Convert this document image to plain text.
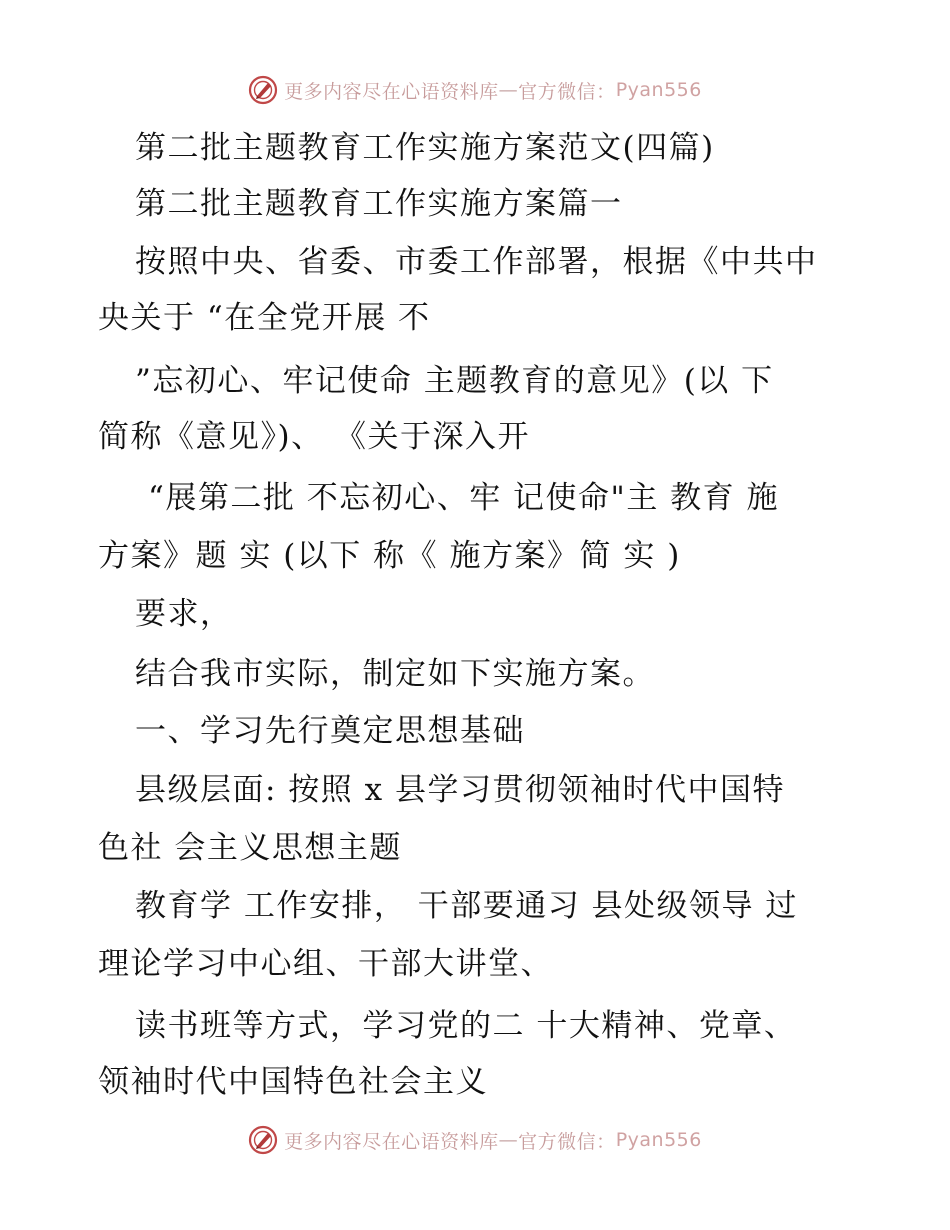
更多内容尽在心语资料库 — 官方微信： Pyan556
第二批主题教育工作实施方案范文(四篇)
第二批主题教育工作实施方案篇一
按照中央、省委、市委工作部署，根据《中共中
央关于 “在全党开展 不
”忘初心、牢记使命 主题教育的意见》(以 下
简称《意见》)、 《关于深入开
“展第二批 不忘初心、牢 记使命"主 教育 施
方案》题 实 (以下 称《 施方案》简 实 )
要求，
结合我市实际，制定如下实施方案。
一、学习先行奠定思想基础
县级层面: 按照 x 县学习贯彻领袖时代中国特
色社 会主义思想主题
教育学 工作安排， 干部要通习 县处级领导 过
理论学习中心组、干部大讲堂、
读书班等方式，学习党的二 十大精神、党章、
领袖时代中国特色社会主义
更多内容尽在心语资料库 — 官方微信： Pyan556
